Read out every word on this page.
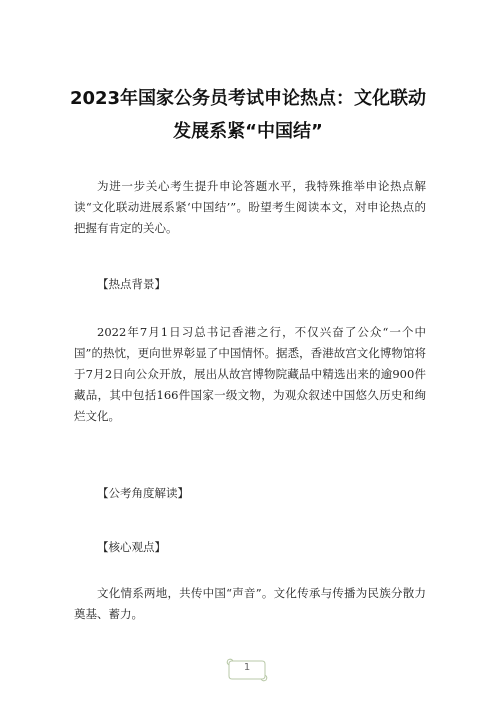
2023年国家公务员考试申论热点：文化联动发展系紧“中国结”
为进一步关心考生提升申论答题水平，我特殊推举申论热点解读“文化联动进展系紧‘中国结’”。盼望考生阅读本文，对申论热点的把握有肯定的关心。
【热点背景】
2022年7月1日习总书记香港之行，不仅兴奋了公众“一个中国”的热忱，更向世界彰显了中国情怀。据悉，香港故宫文化博物馆将于7月2日向公众开放，展出从故宫博物院藏品中精选出来的逾900件藏品，其中包括166件国家一级文物，为观众叙述中国悠久历史和绚烂文化。
【公考角度解读】
【核心观点】
文化情系两地，共传中国“声音”。文化传承与传播为民族分散力奠基、蓄力。
1
